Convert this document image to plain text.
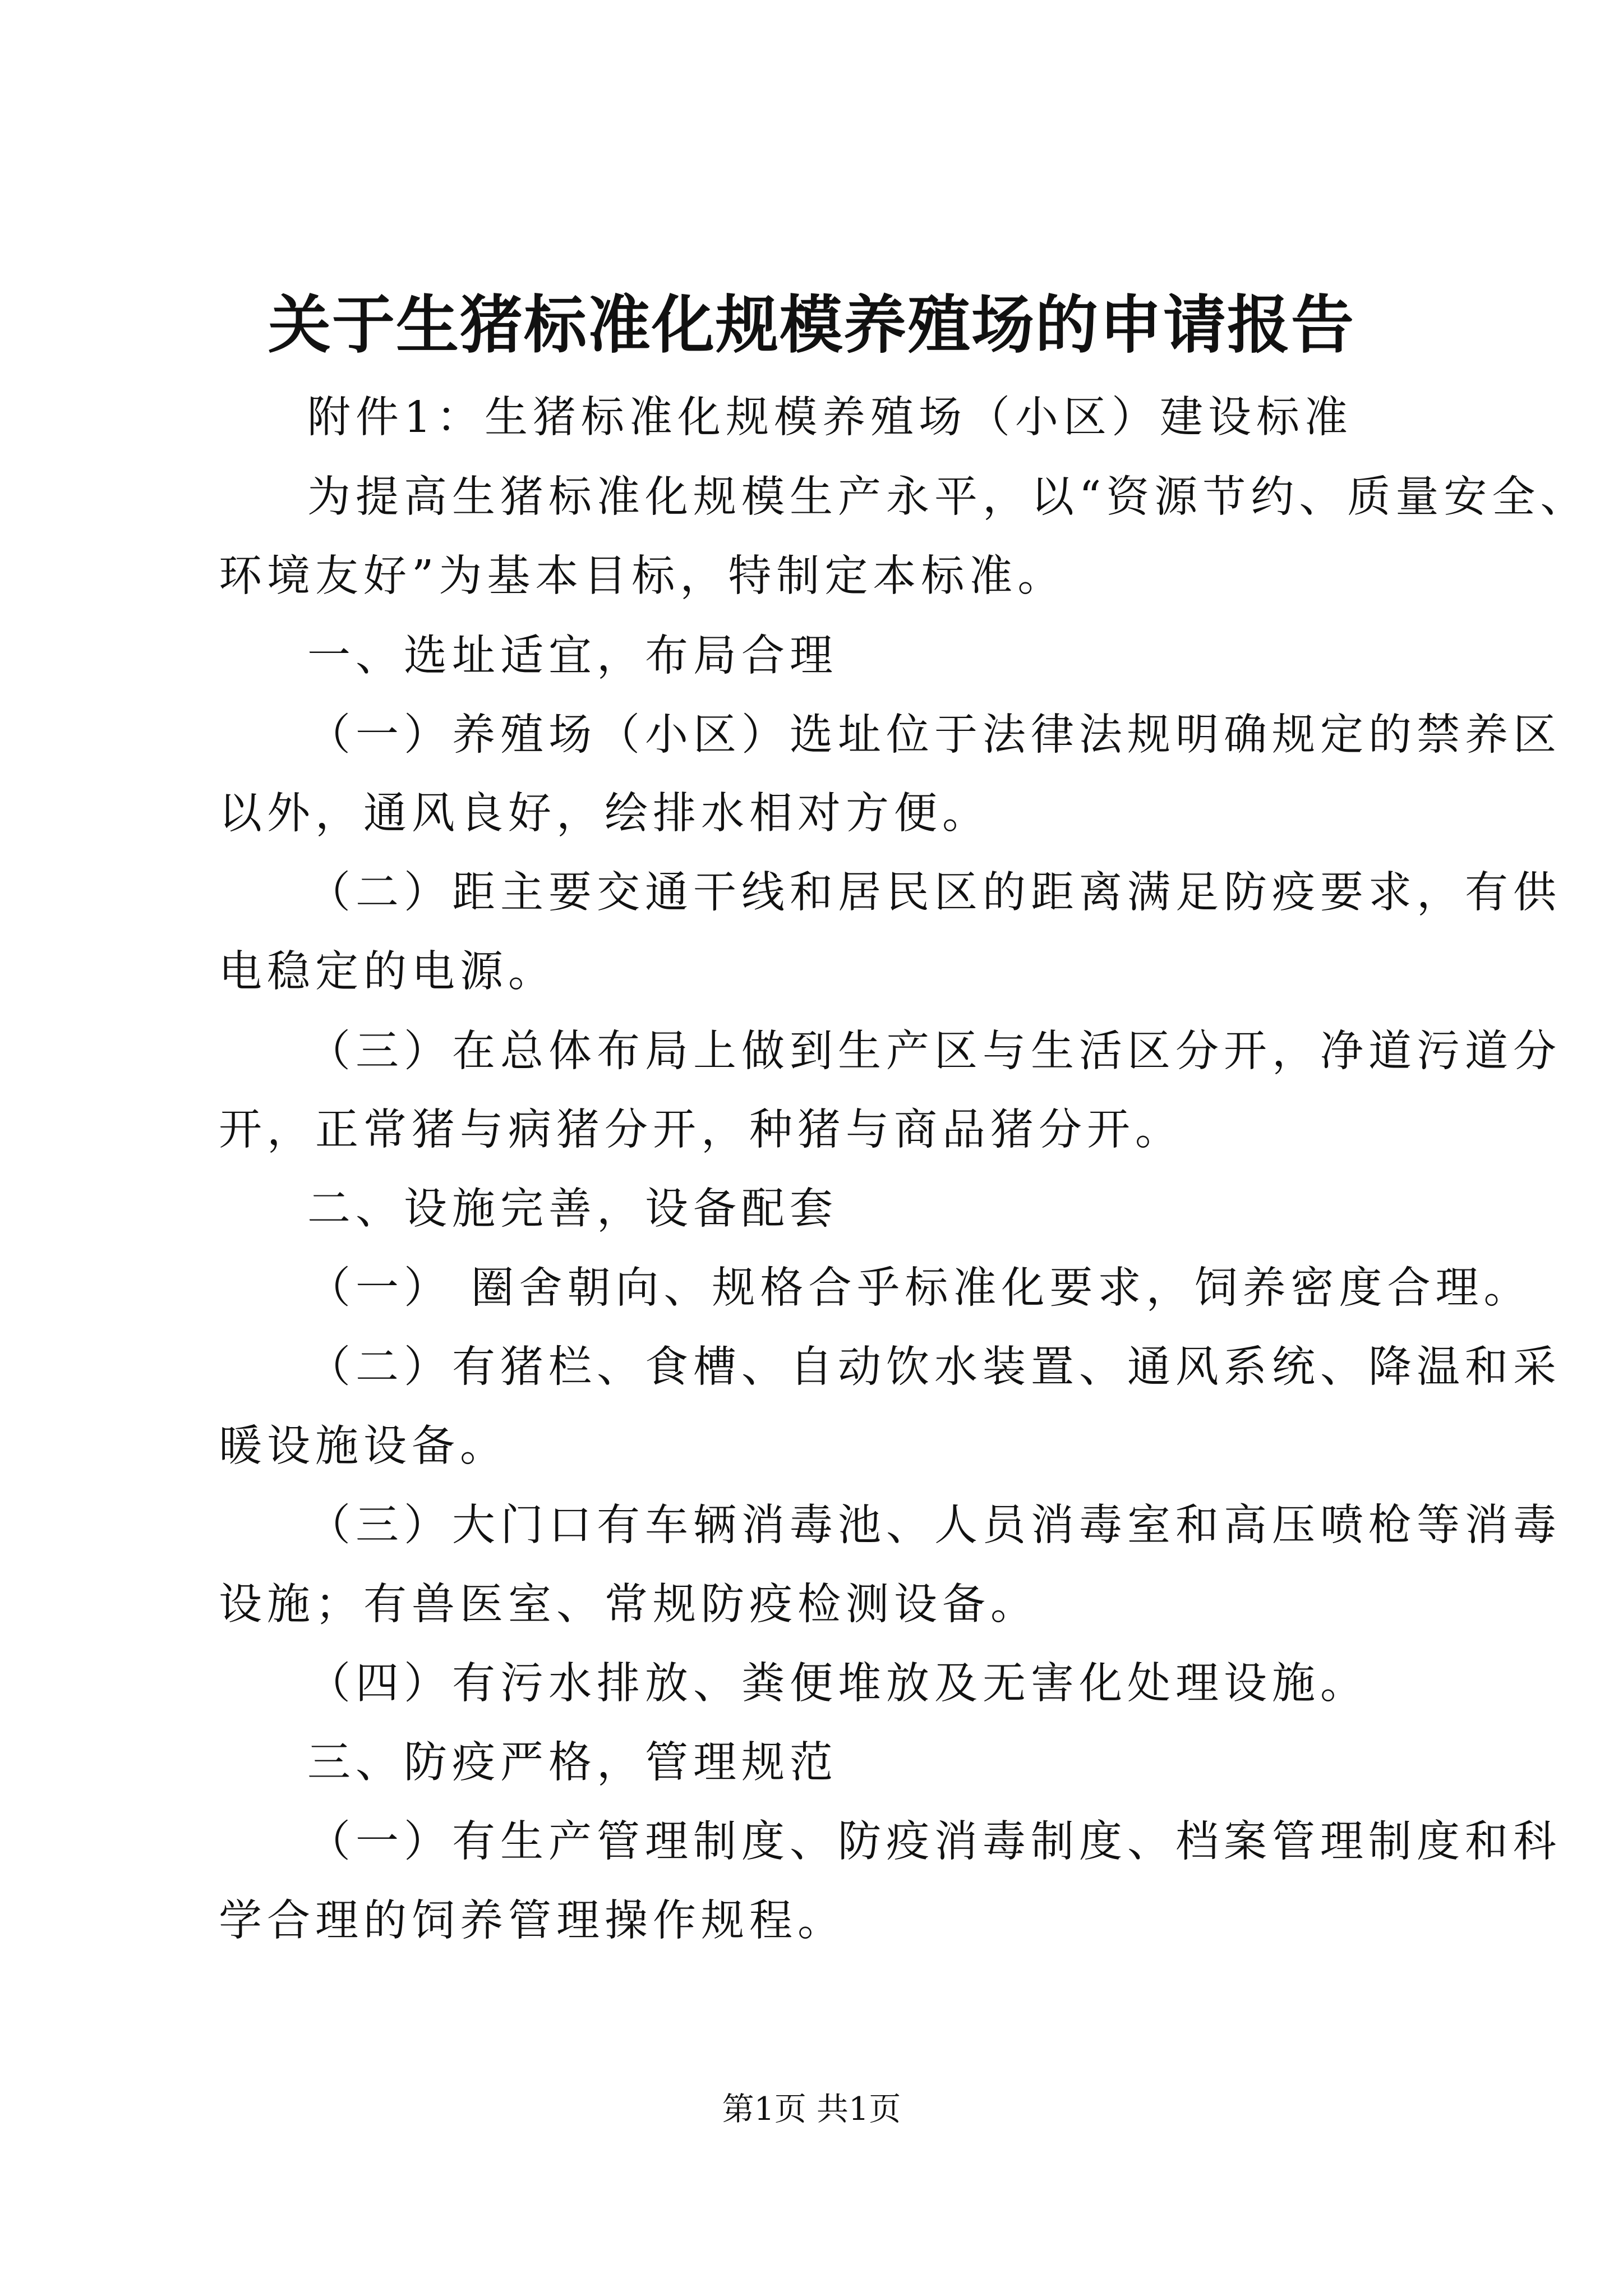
关于生猪标准化规模养殖场的申请报告
附件1：生猪标准化规模养殖场（小区）建设标准
为提高生猪标准化规模生产永平，以“资源节约、质量安全、
环境友好”为基本目标，特制定本标准。
一、选址适宜，布局合理
（一）养殖场（小区）选址位于法律法规明确规定的禁养区
以外，通风良好，绘排水相对方便。
（二）距主要交通干线和居民区的距离满足防疫要求，有供
电稳定的电源。
（三）在总体布局上做到生产区与生活区分开，净道污道分
开，正常猪与病猪分开，种猪与商品猪分开。
二、设施完善，设备配套
（一） 圈舍朝向、规格合乎标准化要求，饲养密度合理。
（二）有猪栏、食槽、自动饮水装置、通风系统、降温和采
暖设施设备。
（三）大门口有车辆消毒池、人员消毒室和高压喷枪等消毒
设施；有兽医室、常规防疫检测设备。
（四）有污水排放、粪便堆放及无害化处理设施。
三、防疫严格，管理规范
（一）有生产管理制度、防疫消毒制度、档案管理制度和科
学合理的饲养管理操作规程。
第1页 共1页
